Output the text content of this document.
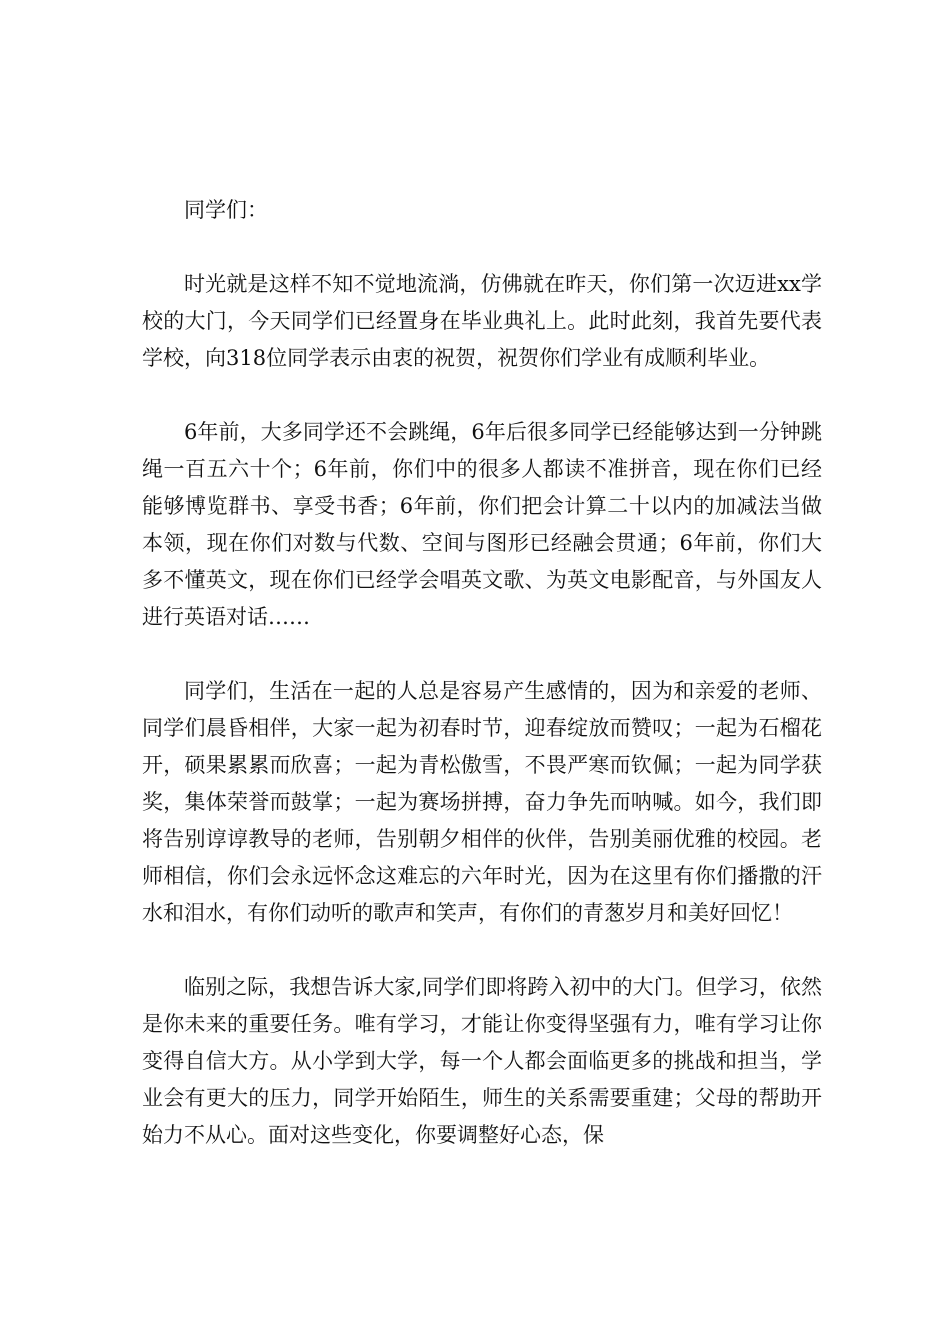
同学们：

时光就是这样不知不觉地流淌，仿佛就在昨天，你们第一次迈进xx学校的大门，今天同学们已经置身在毕业典礼上。此时此刻，我首先要代表学校，向318位同学表示由衷的祝贺，祝贺你们学业有成顺利毕业。

6年前，大多同学还不会跳绳，6年后很多同学已经能够达到一分钟跳绳一百五六十个；6年前，你们中的很多人都读不准拼音，现在你们已经能够博览群书、享受书香；6年前，你们把会计算二十以内的加减法当做本领，现在你们对数与代数、空间与图形已经融会贯通；6年前，你们大多不懂英文，现在你们已经学会唱英文歌、为英文电影配音，与外国友人进行英语对话……

同学们，生活在一起的人总是容易产生感情的，因为和亲爱的老师、同学们晨昏相伴，大家一起为初春时节，迎春绽放而赞叹；一起为石榴花开，硕果累累而欣喜；一起为青松傲雪，不畏严寒而钦佩；一起为同学获奖，集体荣誉而鼓掌；一起为赛场拼搏，奋力争先而呐喊。如今，我们即将告别谆谆教导的老师，告别朝夕相伴的伙伴，告别美丽优雅的校园。老师相信，你们会永远怀念这难忘的六年时光，因为在这里有你们播撒的汗水和泪水，有你们动听的歌声和笑声，有你们的青葱岁月和美好回忆！

临别之际，我想告诉大家,同学们即将跨入初中的大门。但学习，依然是你未来的重要任务。唯有学习，才能让你变得坚强有力，唯有学习让你变得自信大方。从小学到大学，每一个人都会面临更多的挑战和担当，学业会有更大的压力，同学开始陌生，师生的关系需要重建；父母的帮助开始力不从心。面对这些变化，你要调整好心态，保
